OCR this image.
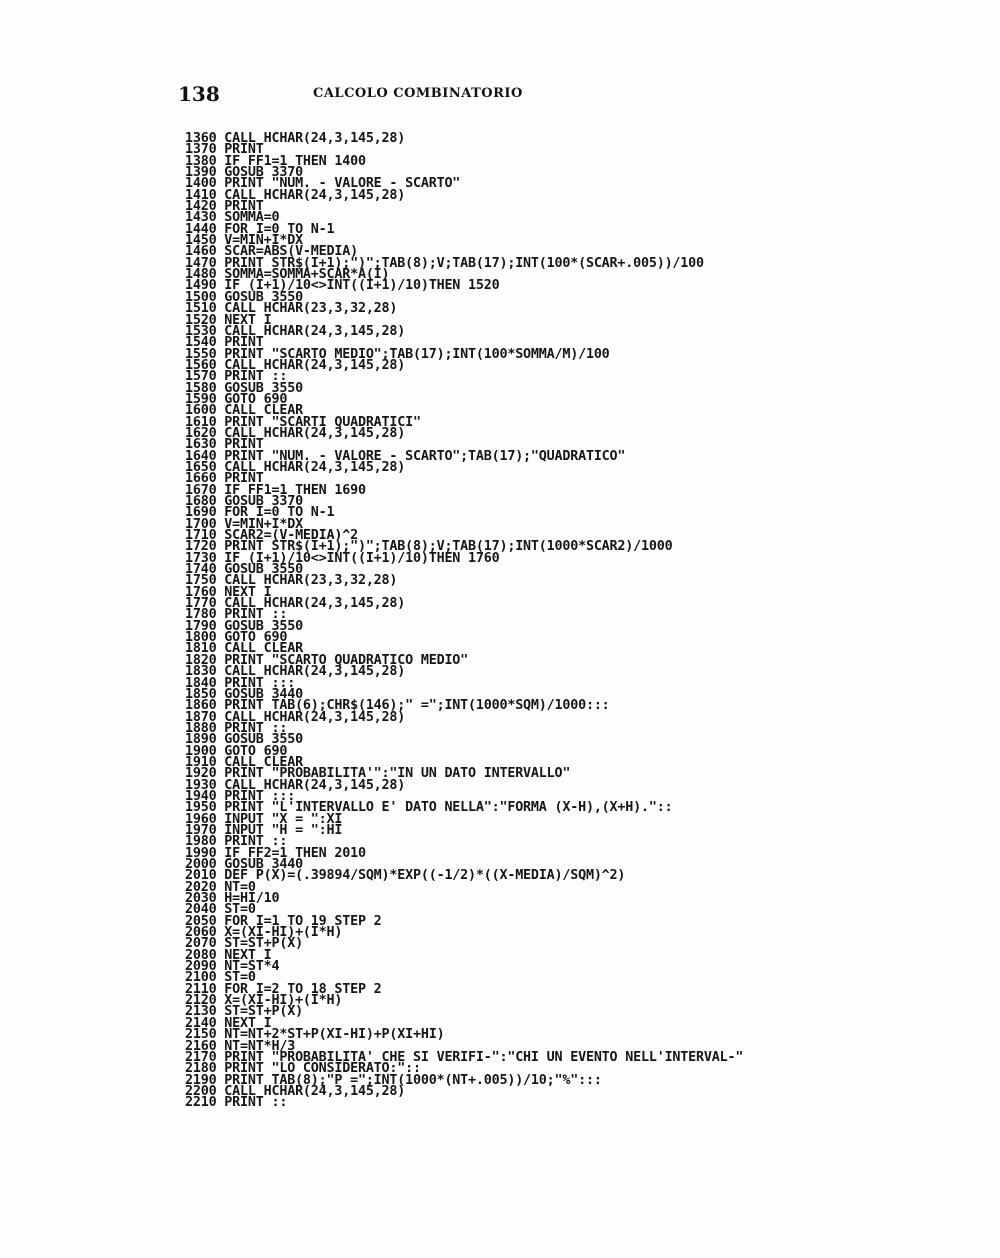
138	CALCOLO COMBINATORIO
1360 CALL HCHAR(24,3,145,28)
1370 PRINT
1380 IF FF1=1 THEN 1400
1390 GOSUB 3370
1400 PRINT "NUM. - VALORE - SCARTO"
1410 CALL HCHAR(24,3,145,28)
1420 PRINT
1430 SOMMA=0
1440 FOR I=0 TO N-1
1450 V=MIN+I*DX
1460 SCAR=ABS(V-MEDIA)
1470 PRINT STR$(I+1);")";TAB(8);V;TAB(17);INT(100*(SCAR+.005))/100
1480 SOMMA=SOMMA+SCAR*A(I)
1490 IF (I+1)/10<>INT((I+1)/10)THEN 1520
1500 GOSUB 3550
1510 CALL HCHAR(23,3,32,28)
1520 NEXT I
1530 CALL HCHAR(24,3,145,28)
1540 PRINT
1550 PRINT "SCARTO MEDIO";TAB(17);INT(100*SOMMA/M)/100
1560 CALL HCHAR(24,3,145,28)
1570 PRINT ::
1580 GOSUB 3550
1590 GOTO 690
1600 CALL CLEAR
1610 PRINT "SCARTI QUADRATICI"
1620 CALL HCHAR(24,3,145,28)
1630 PRINT
1640 PRINT "NUM. - VALORE - SCARTO";TAB(17);"QUADRATICO"
1650 CALL HCHAR(24,3,145,28)
1660 PRINT
1670 IF FF1=1 THEN 1690
1680 GOSUB 3370
1690 FOR I=0 TO N-1
1700 V=MIN+I*DX
1710 SCAR2=(V-MEDIA)^2
1720 PRINT STR$(I+1);")";TAB(8);V;TAB(17);INT(1000*SCAR2)/1000
1730 IF (I+1)/10<>INT((I+1)/10)THEN 1760
1740 GOSUB 3550
1750 CALL HCHAR(23,3,32,28)
1760 NEXT I
1770 CALL HCHAR(24,3,145,28)
1780 PRINT ::
1790 GOSUB 3550
1800 GOTO 690
1810 CALL CLEAR
1820 PRINT "SCARTO QUADRATICO MEDIO"
1830 CALL HCHAR(24,3,145,28)
1840 PRINT :::
1850 GOSUB 3440
1860 PRINT TAB(6);CHR$(146);" =";INT(1000*SQM)/1000:::
1870 CALL HCHAR(24,3,145,28)
1880 PRINT ::
1890 GOSUB 3550
1900 GOTO 690
1910 CALL CLEAR
1920 PRINT "PROBABILITA'":"IN UN DATO INTERVALLO"
1930 CALL HCHAR(24,3,145,28)
1940 PRINT :::
1950 PRINT "L'INTERVALLO E' DATO NELLA":"FORMA (X-H),(X+H)."::
1960 INPUT "X = ":XI
1970 INPUT "H = ":HI
1980 PRINT ::
1990 IF FF2=1 THEN 2010
2000 GOSUB 3440
2010 DEF P(X)=(.39894/SQM)*EXP((-1/2)*((X-MEDIA)/SQM)^2)
2020 NT=0
2030 H=HI/10
2040 ST=0
2050 FOR I=1 TO 19 STEP 2
2060 X=(XI-HI)+(I*H)
2070 ST=ST+P(X)
2080 NEXT I
2090 NT=ST*4
2100 ST=0
2110 FOR I=2 TO 18 STEP 2
2120 X=(XI-HI)+(I*H)
2130 ST=ST+P(X)
2140 NEXT I
2150 NT=NT+2*ST+P(XI-HI)+P(XI+HI)
2160 NT=NT*H/3
2170 PRINT "PROBABILITA' CHE SI VERIFI-":"CHI UN EVENTO NELL'INTERVAL-"
2180 PRINT "LO CONSIDERATO:"::
2190 PRINT TAB(8);"P =";INT(1000*(NT+.005))/10;"%":::
2200 CALL HCHAR(24,3,145,28)
2210 PRINT ::
